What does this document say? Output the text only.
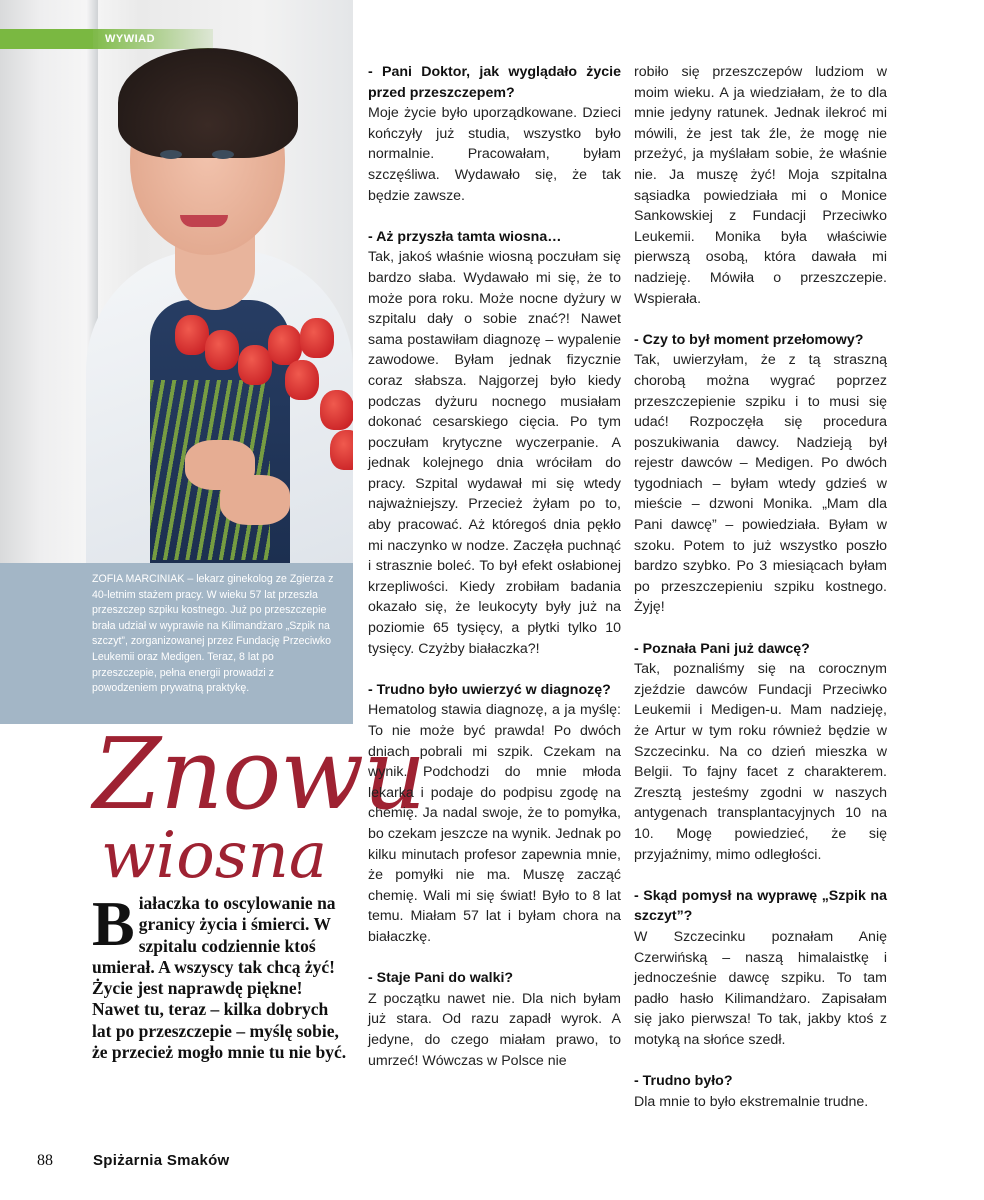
WYWIAD

ZOFIA MARCINIAK – lekarz ginekolog ze Zgierza z 40-letnim stażem pracy. W wieku 57 lat przeszła przeszczep szpiku kostnego. Już po przeszczepie brała udział w wyprawie na Kilimandżaro „Szpik na szczyt”, zorganizowanej przez Fundację Przeciwko Leukemii oraz Medigen. Teraz, 8 lat po przeszczepie, pełna energii prowadzi z powodzeniem prywatną praktykę.

Znowu
wiosna
B iałaczka to oscylowanie na granicy życia i śmierci. W szpitalu codziennie ktoś umierał. A wszyscy tak chcą żyć! Życie jest naprawdę piękne! Nawet tu, teraz – kilka dobrych lat po przeszczepie – myślę sobie, że przecież mogło mnie tu nie być.

- Pani Doktor, jak wyglądało życie przed przeszczepem?

Moje życie było uporządkowane. Dzieci kończyły już studia, wszystko było normalnie. Pracowałam, byłam szczęśliwa. Wydawało się, że tak będzie zawsze.

- Aż przyszła tamta wiosna…

Tak, jakoś właśnie wiosną poczułam się bardzo słaba. Wydawało mi się, że to może pora roku. Może nocne dyżury w szpitalu dały o sobie znać?! Nawet sama postawiłam diagnozę – wypalenie zawodowe. Byłam jednak fizycznie coraz słabsza. Najgorzej było kiedy podczas dyżuru nocnego musiałam dokonać cesarskiego cięcia. Po tym poczułam krytyczne wyczerpanie. A jednak kolejnego dnia wróciłam do pracy. Szpital wydawał mi się wtedy najważniejszy. Przecież żyłam po to, aby pracować. Aż któregoś dnia pękło mi naczynko w nodze. Zaczęła puchnąć i strasznie boleć. To był efekt osłabionej krzepliwości. Kiedy zrobiłam badania okazało się, że leukocyty były już na poziomie 65 tysięcy, a płytki tylko 10 tysięcy. Czyżby białaczka?!

- Trudno było uwierzyć w diagnozę?

Hematolog stawia diagnozę, a ja myślę: To nie może być prawda! Po dwóch dniach pobrali mi szpik. Czekam na wynik. Podchodzi do mnie młoda lekarka i podaje do podpisu zgodę na chemię. Ja nadal swoje, że to pomyłka, bo czekam jeszcze na wynik. Jednak po kilku minutach profesor zapewnia mnie, że pomyłki nie ma. Muszę zacząć chemię. Wali mi się świat! Było to 8 lat temu. Miałam 57 lat i byłam chora na białaczkę.

- Staje Pani do walki?

Z początku nawet nie. Dla nich byłam już stara. Od razu zapadł wyrok. A jedyne, do czego miałam prawo, to umrzeć! Wówczas w Polsce nie

robiło się przeszczepów ludziom w moim wieku. A ja wiedziałam, że to dla mnie jedyny ratunek. Jednak ilekroć mi mówili, że jest tak źle, że mogę nie przeżyć, ja myślałam sobie, że właśnie nie. Ja muszę żyć! Moja szpitalna sąsiadka powiedziała mi o Monice Sankowskiej z Fundacji Przeciwko Leukemii. Monika była właściwie pierwszą osobą, która dawała mi nadzieję. Mówiła o przeszczepie. Wspierała.

- Czy to był moment przełomowy?

Tak, uwierzyłam, że z tą straszną chorobą można wygrać poprzez przeszczepienie szpiku i to musi się udać! Rozpoczęła się procedura poszukiwania dawcy. Nadzieją był rejestr dawców – Medigen. Po dwóch tygodniach – byłam wtedy gdzieś w mieście – dzwoni Monika. „Mam dla Pani dawcę” – powiedziała. Byłam w szoku. Potem to już wszystko poszło bardzo szybko. Po 3 miesiącach byłam po przeszczepieniu szpiku kostnego. Żyję!

- Poznała Pani już dawcę?

Tak, poznaliśmy się na corocznym zjeździe dawców Fundacji Przeciwko Leukemii i Medigen-u. Mam nadzieję, że Artur w tym roku również będzie w Szczecinku. Na co dzień mieszka w Belgii. To fajny facet z charakterem. Zresztą jesteśmy zgodni w naszych antygenach transplantacyjnych 10 na 10. Mogę powiedzieć, że się przyjaźnimy, mimo odległości.

- Skąd pomysł na wyprawę „Szpik na szczyt”?

W Szczecinku poznałam Anię Czerwińską – naszą himalaistkę i jednocześnie dawcę szpiku. To tam padło hasło Kilimandżaro. Zapisałam się jako pierwsza! To tak, jakby ktoś z motyką na słońce szedł.

- Trudno było?

Dla mnie to było ekstremalnie trudne.

88	Spiżarnia Smaków
